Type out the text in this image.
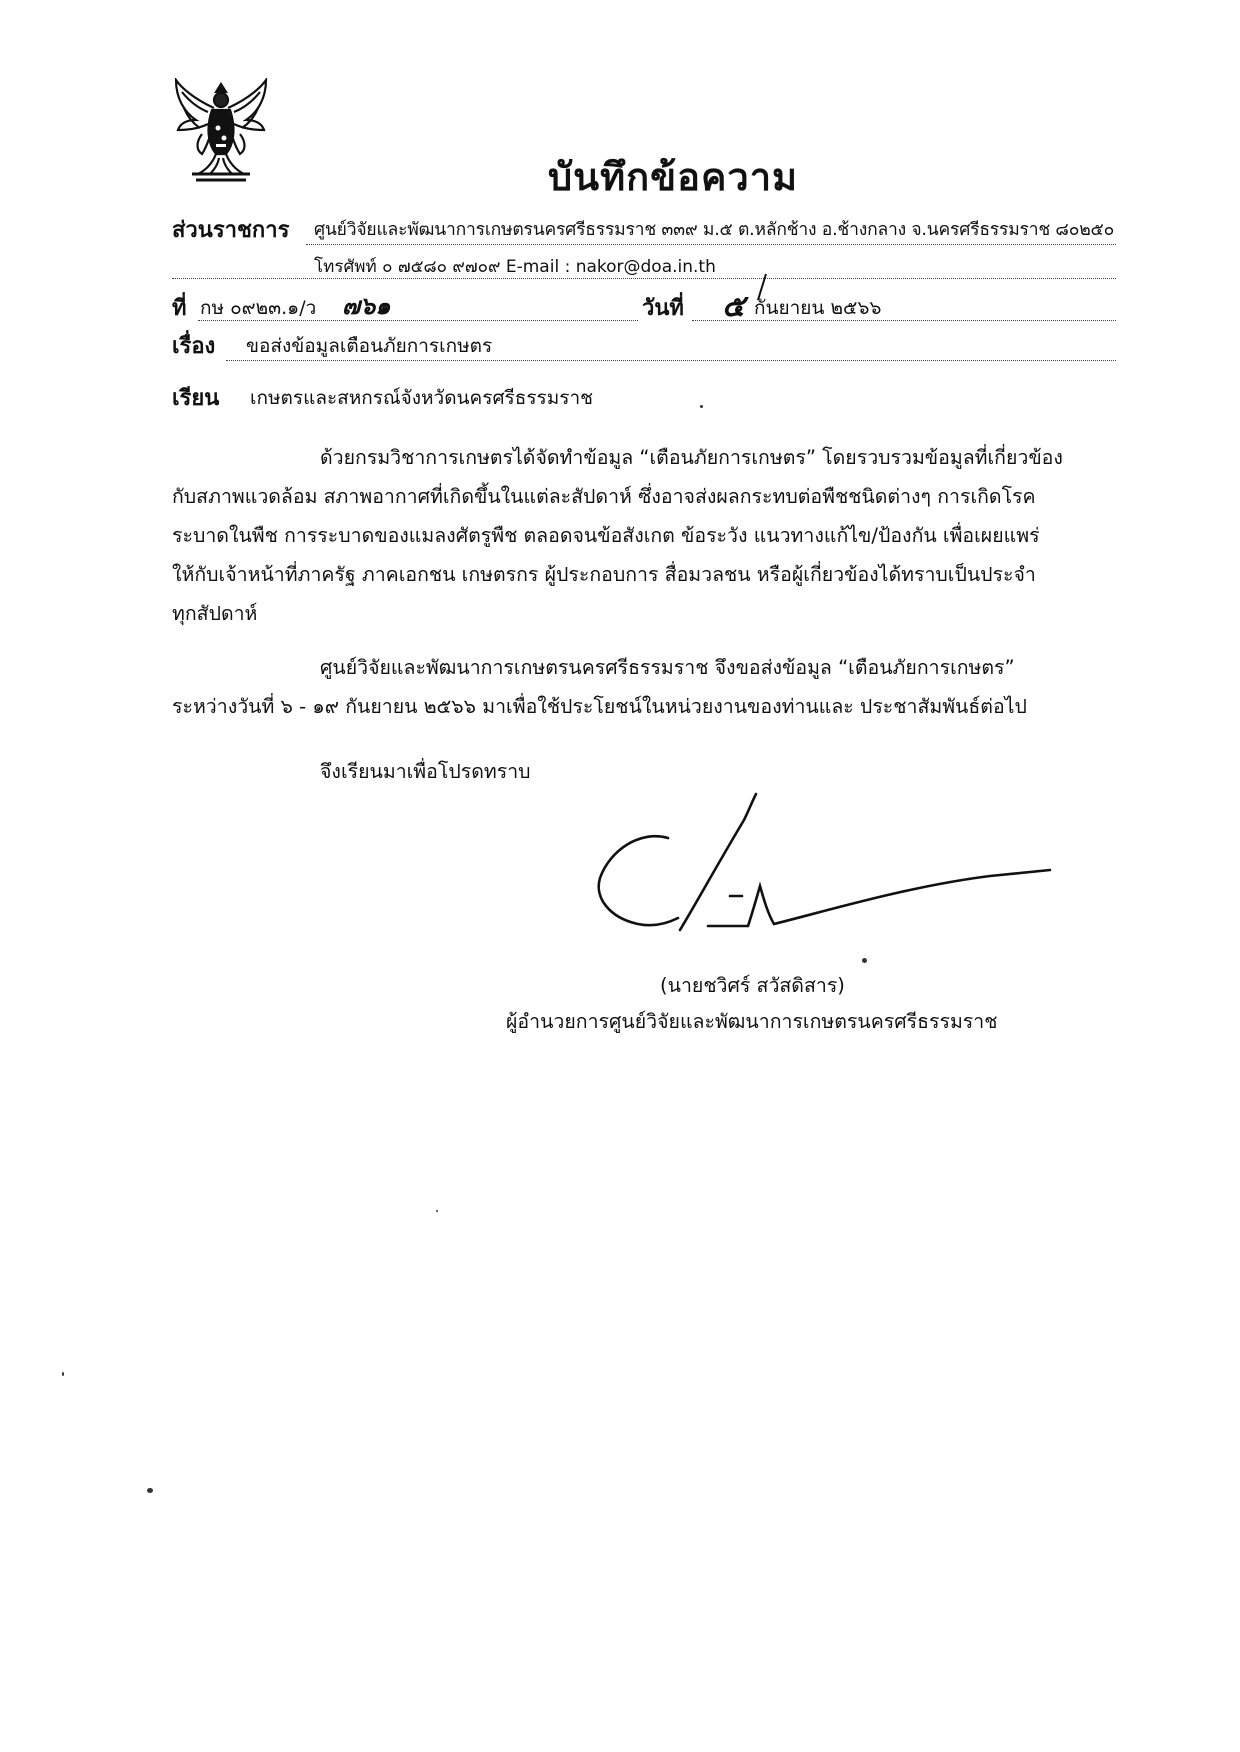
บันทึกข้อความ
ส่วนราชการ ศูนย์วิจัยและพัฒนาการเกษตรนครศรีธรรมราช ๓๓๙ ม.๕ ต.หลักช้าง อ.ช้างกลาง จ.นครศรีธรรมราช ๘๐๒๕๐
โทรศัพท์ ๐ ๗๕๘๐ ๙๗๐๙ E-mail : nakor@doa.in.th
ที่ กษ ๐๙๒๓.๑/ว ๗๖๑	วันที่ ๕ กันยายน ๒๕๖๖
เรื่อง ขอส่งข้อมูลเตือนภัยการเกษตร
เรียน เกษตรและสหกรณ์จังหวัดนครศรีธรรมราช
ด้วยกรมวิชาการเกษตรได้จัดทำข้อมูล “เตือนภัยการเกษตร” โดยรวบรวมข้อมูลที่เกี่ยวข้อง
กับสภาพแวดล้อม สภาพอากาศที่เกิดขึ้นในแต่ละสัปดาห์ ซึ่งอาจส่งผลกระทบต่อพืชชนิดต่างๆ การเกิดโรค
ระบาดในพืช การระบาดของแมลงศัตรูพืช ตลอดจนข้อสังเกต ข้อระวัง แนวทางแก้ไข/ป้องกัน เพื่อเผยแพร่
ให้กับเจ้าหน้าที่ภาครัฐ ภาคเอกชน เกษตรกร ผู้ประกอบการ สื่อมวลชน หรือผู้เกี่ยวข้องได้ทราบเป็นประจำ
ทุกสัปดาห์
ศูนย์วิจัยและพัฒนาการเกษตรนครศรีธรรมราช จึงขอส่งข้อมูล “เตือนภัยการเกษตร”
ระหว่างวันที่ ๖ - ๑๙ กันยายน ๒๕๖๖ มาเพื่อใช้ประโยชน์ในหน่วยงานของท่านและ ประชาสัมพันธ์ต่อไป
จึงเรียนมาเพื่อโปรดทราบ
(นายชวิศร์ สวัสดิสาร)
ผู้อำนวยการศูนย์วิจัยและพัฒนาการเกษตรนครศรีธรรมราช
